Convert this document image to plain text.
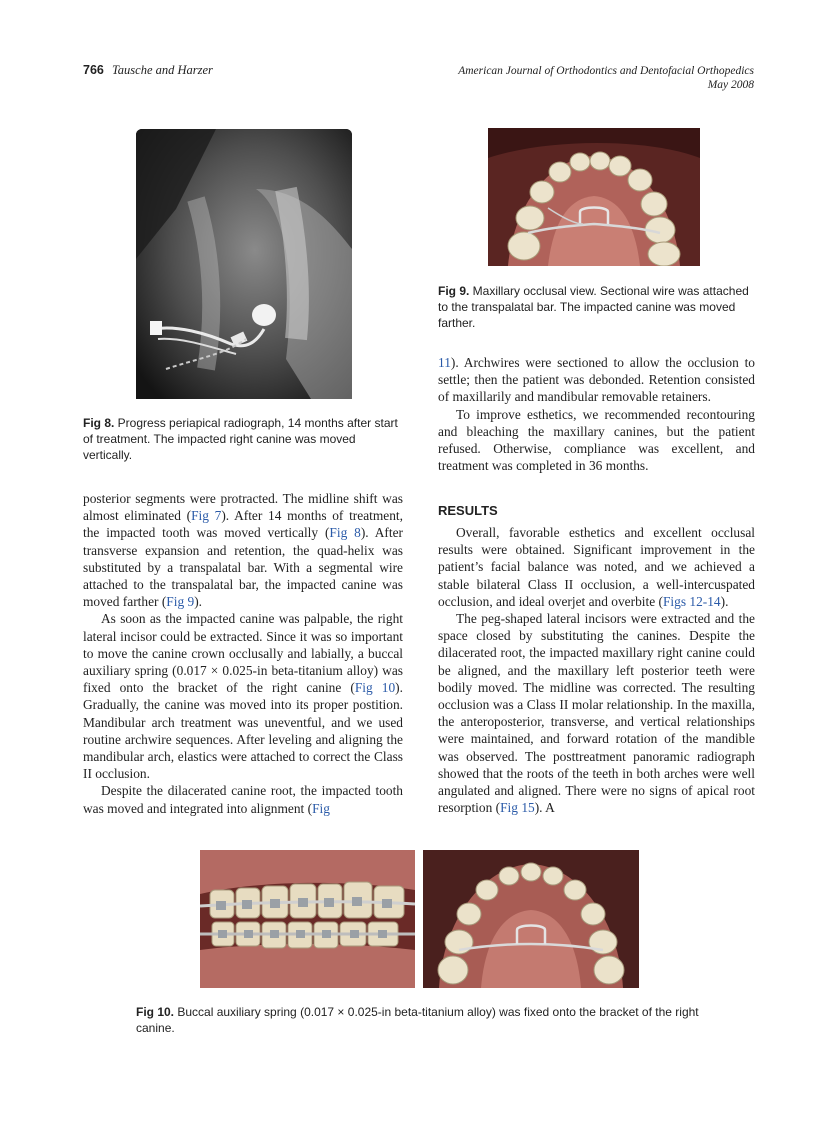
766 Tausche and Harzer	American Journal of Orthodontics and Dentofacial Orthopedics
May 2008
Fig 8. Progress periapical radiograph, 14 months after start of treatment. The impacted right canine was moved vertically.
Fig 9. Maxillary occlusal view. Sectional wire was attached to the transpalatal bar. The impacted canine was moved farther.

11). Archwires were sectioned to allow the occlusion to settle; then the patient was debonded. Retention consisted of maxillarily and mandibular removable retainers.

To improve esthetics, we recommended recontouring and bleaching the maxillary canines, but the patient refused. Otherwise, compliance was excellent, and treatment was completed in 36 months.

RESULTS

Overall, favorable esthetics and excellent occlusal results were obtained. Significant improvement in the patient’s facial balance was noted, and we achieved a stable bilateral Class II occlusion, a well-intercuspated occlusion, and ideal overjet and overbite (Figs 12-14).

The peg-shaped lateral incisors were extracted and the space closed by substituting the canines. Despite the dilacerated root, the impacted maxillary right canine could be aligned, and the maxillary left posterior teeth were bodily moved. The midline was corrected. The resulting occlusion was a Class II molar relationship. In the maxilla, the anteroposterior, transverse, and vertical relationships were maintained, and forward rotation of the mandible was observed. The posttreatment panoramic radiograph showed that the roots of the teeth in both arches were well angulated and aligned. There were no signs of apical root resorption (Fig 15). A

posterior segments were protracted. The midline shift was almost eliminated (Fig 7). After 14 months of treatment, the impacted tooth was moved vertically (Fig 8). After transverse expansion and retention, the quad-helix was substituted by a transpalatal bar. With a segmental wire attached to the transpalatal bar, the impacted canine was moved farther (Fig 9).

As soon as the impacted canine was palpable, the right lateral incisor could be extracted. Since it was so important to move the canine crown occlusally and labially, a buccal auxiliary spring (0.017 × 0.025-in beta-titanium alloy) was fixed onto the bracket of the right canine (Fig 10). Gradually, the canine was moved into its proper postition. Mandibular arch treatment was uneventful, and we used routine archwire sequences. After leveling and aligning the mandibular arch, elastics were attached to correct the Class II occlusion.

Despite the dilacerated canine root, the impacted tooth was moved and integrated into alignment (Fig

Fig 10. Buccal auxiliary spring (0.017 × 0.025-in beta-titanium alloy) was fixed onto the bracket of the right canine.
